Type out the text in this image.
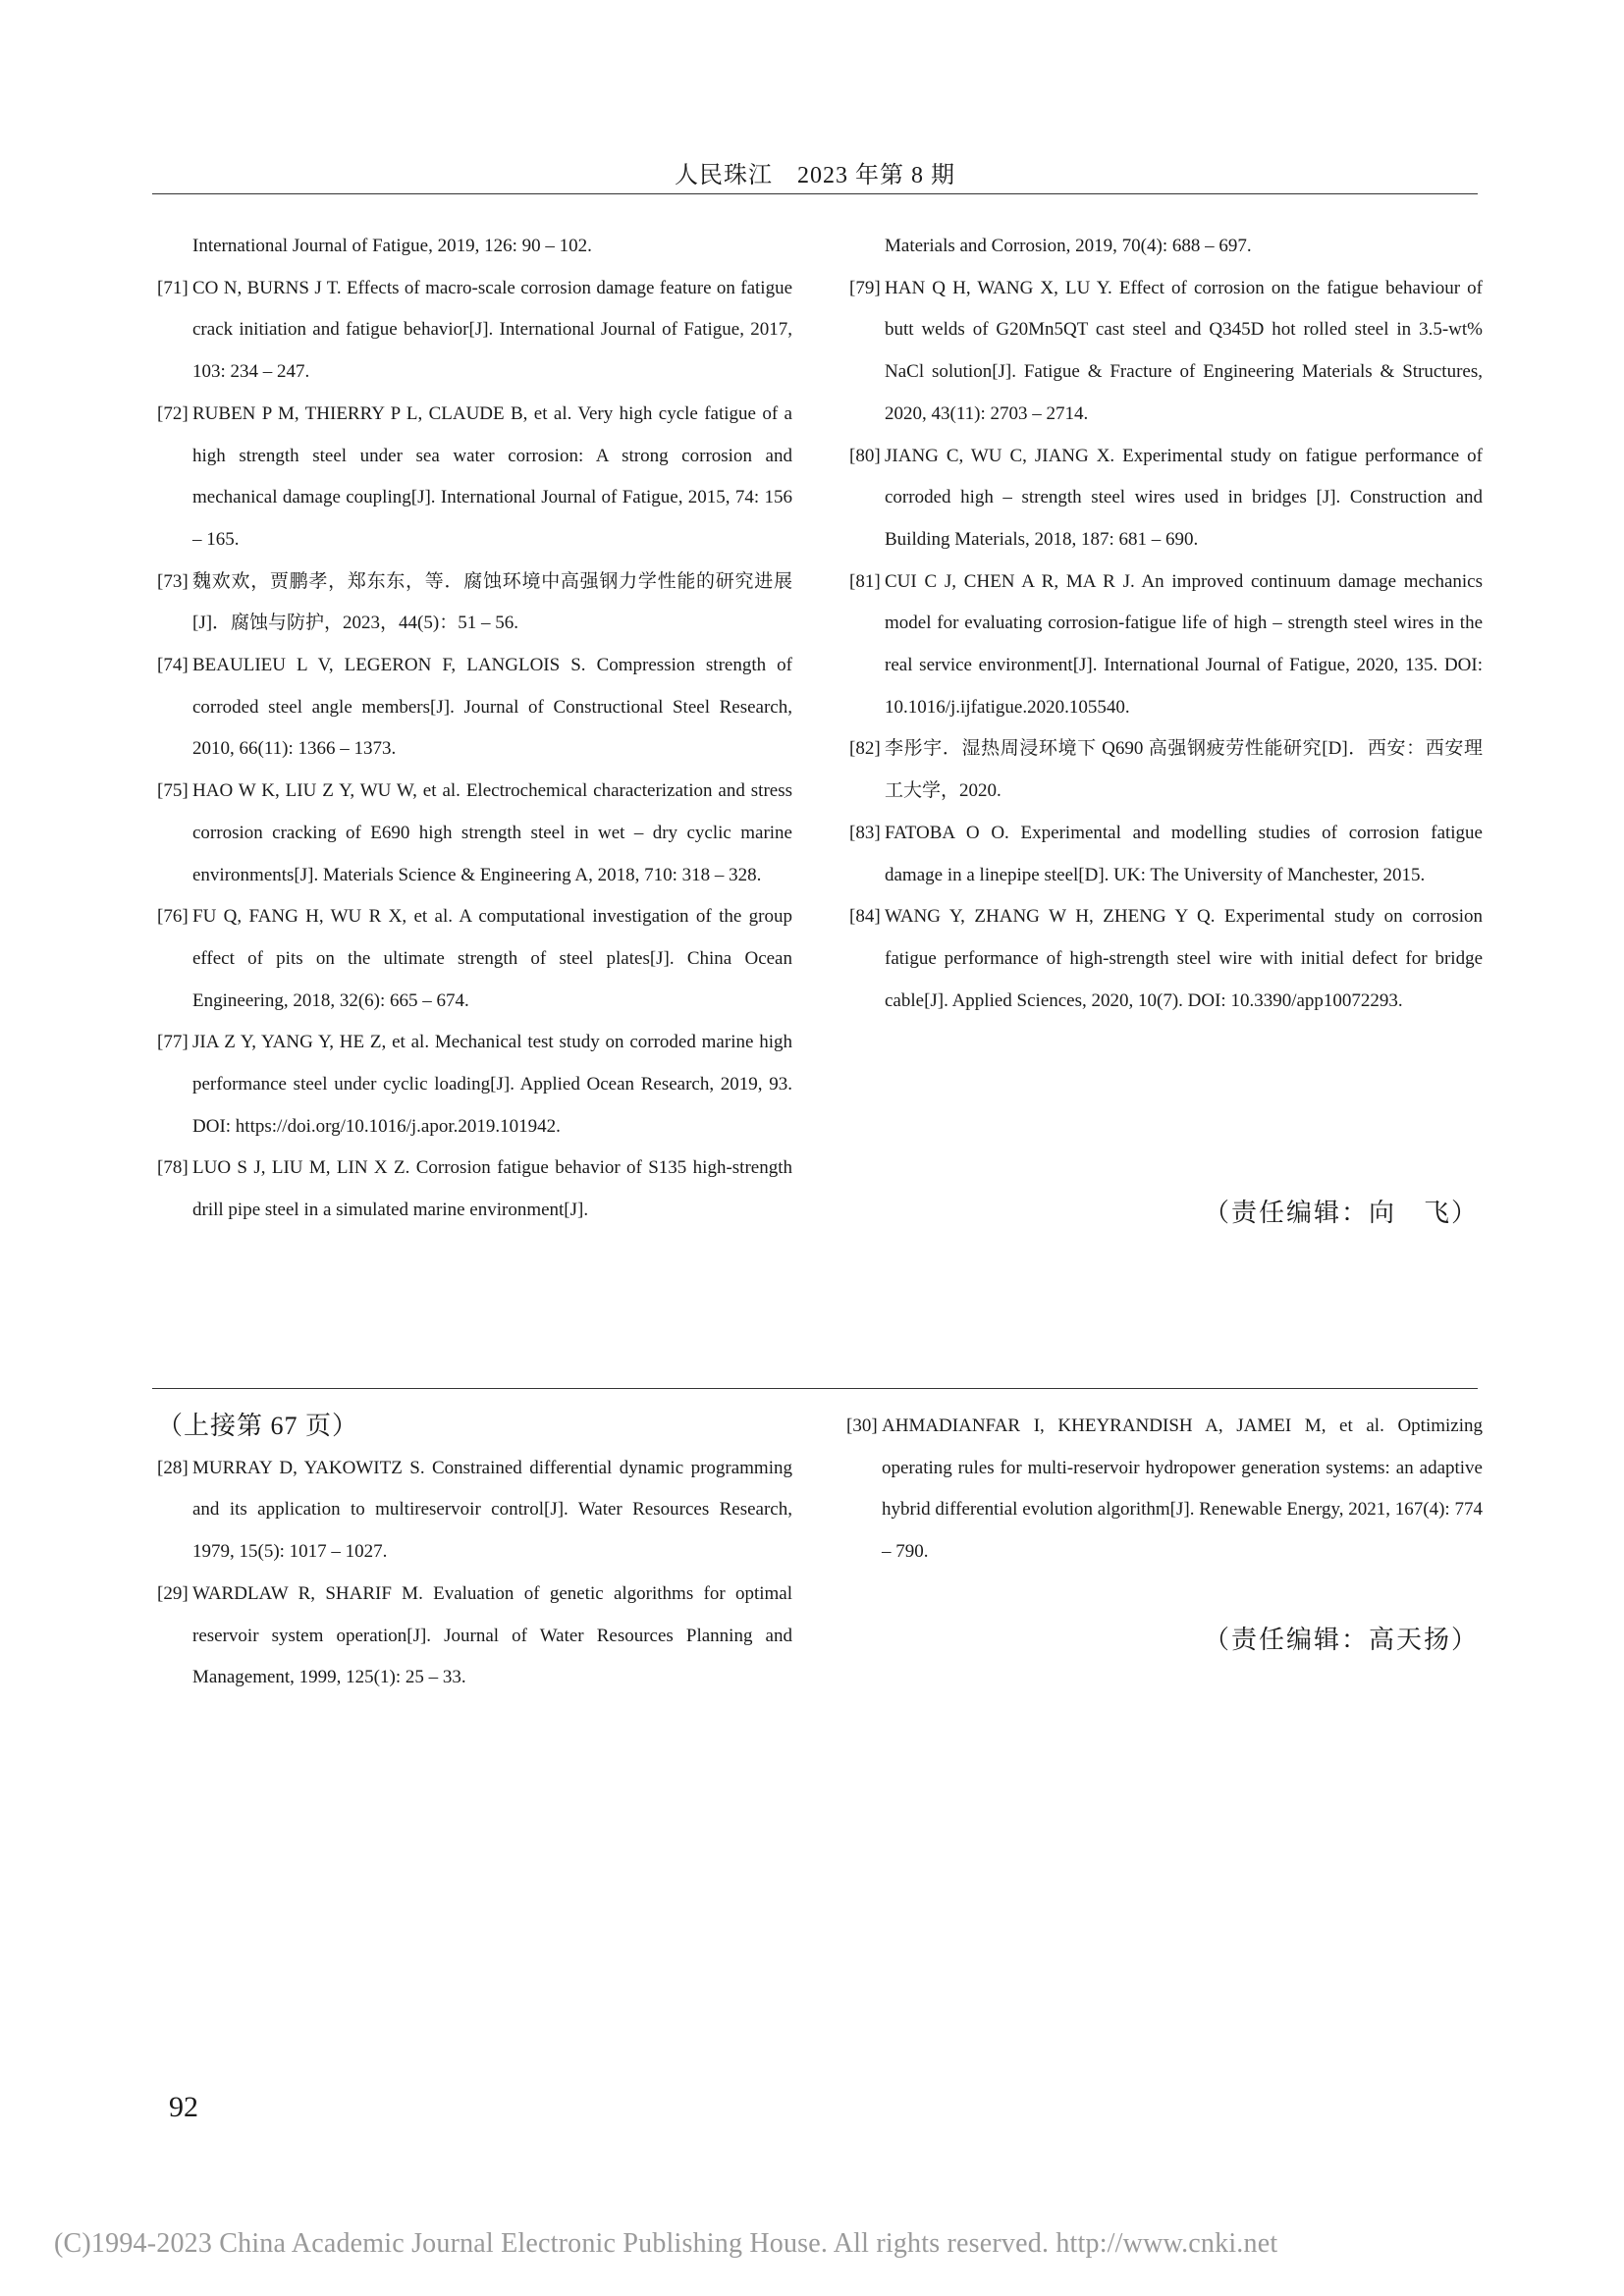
人民珠江　2023 年第 8 期
International Journal of Fatigue, 2019, 126: 90 – 102.
[71] CO N, BURNS J T. Effects of macro-scale corrosion damage feature on fatigue crack initiation and fatigue behavior[J]. International Journal of Fatigue, 2017, 103: 234 – 247.
[72] RUBEN P M, THIERRY P L, CLAUDE B, et al. Very high cycle fatigue of a high strength steel under sea water corrosion: A strong corrosion and mechanical damage coupling[J]. International Journal of Fatigue, 2015, 74: 156 – 165.
[73] 魏欢欢，贾鹏孝，郑东东，等．腐蚀环境中高强钢力学性能的研究进展[J]．腐蚀与防护，2023，44(5)：51 – 56.
[74] BEAULIEU L V, LEGERON F, LANGLOIS S. Compression strength of corroded steel angle members[J]. Journal of Constructional Steel Research, 2010, 66(11): 1366 – 1373.
[75] HAO W K, LIU Z Y, WU W, et al. Electrochemical characterization and stress corrosion cracking of E690 high strength steel in wet – dry cyclic marine environments[J]. Materials Science & Engineering A, 2018, 710: 318 – 328.
[76] FU Q, FANG H, WU R X, et al. A computational investigation of the group effect of pits on the ultimate strength of steel plates[J]. China Ocean Engineering, 2018, 32(6): 665 – 674.
[77] JIA Z Y, YANG Y, HE Z, et al. Mechanical test study on corroded marine high performance steel under cyclic loading[J]. Applied Ocean Research, 2019, 93. DOI: https://doi.org/10.1016/j.apor.2019.101942.
[78] LUO S J, LIU M, LIN X Z. Corrosion fatigue behavior of S135 high-strength drill pipe steel in a simulated marine environment[J].
Materials and Corrosion, 2019, 70(4): 688 – 697.
[79] HAN Q H, WANG X, LU Y. Effect of corrosion on the fatigue behaviour of butt welds of G20Mn5QT cast steel and Q345D hot rolled steel in 3.5-wt% NaCl solution[J]. Fatigue & Fracture of Engineering Materials & Structures, 2020, 43(11): 2703 – 2714.
[80] JIANG C, WU C, JIANG X. Experimental study on fatigue performance of corroded high – strength steel wires used in bridges [J]. Construction and Building Materials, 2018, 187: 681 – 690.
[81] CUI C J, CHEN A R, MA R J. An improved continuum damage mechanics model for evaluating corrosion-fatigue life of high – strength steel wires in the real service environment[J]. International Journal of Fatigue, 2020, 135. DOI: 10.1016/j.ijfatigue.2020.105540.
[82] 李彤宇．湿热周浸环境下 Q690 高强钢疲劳性能研究[D]．西安：西安理工大学，2020.
[83] FATOBA O O. Experimental and modelling studies of corrosion fatigue damage in a linepipe steel[D]. UK: The University of Manchester, 2015.
[84] WANG Y, ZHANG W H, ZHENG Y Q. Experimental study on corrosion fatigue performance of high-strength steel wire with initial defect for bridge cable[J]. Applied Sciences, 2020, 10(7). DOI: 10.3390/app10072293.
（责任编辑：向　飞）
（上接第 67 页）
[28] MURRAY D, YAKOWITZ S. Constrained differential dynamic programming and its application to multireservoir control[J]. Water Resources Research, 1979, 15(5): 1017 – 1027.
[29] WARDLAW R, SHARIF M. Evaluation of genetic algorithms for optimal reservoir system operation[J]. Journal of Water Resources Planning and Management, 1999, 125(1): 25 – 33.
[30] AHMADIANFAR I, KHEYRANDISH A, JAMEI M, et al. Optimizing operating rules for multi-reservoir hydropower generation systems: an adaptive hybrid differential evolution algorithm[J]. Renewable Energy, 2021, 167(4): 774 – 790.
（责任编辑：高天扬）
92
(C)1994-2023 China Academic Journal Electronic Publishing House. All rights reserved. http://www.cnki.net
